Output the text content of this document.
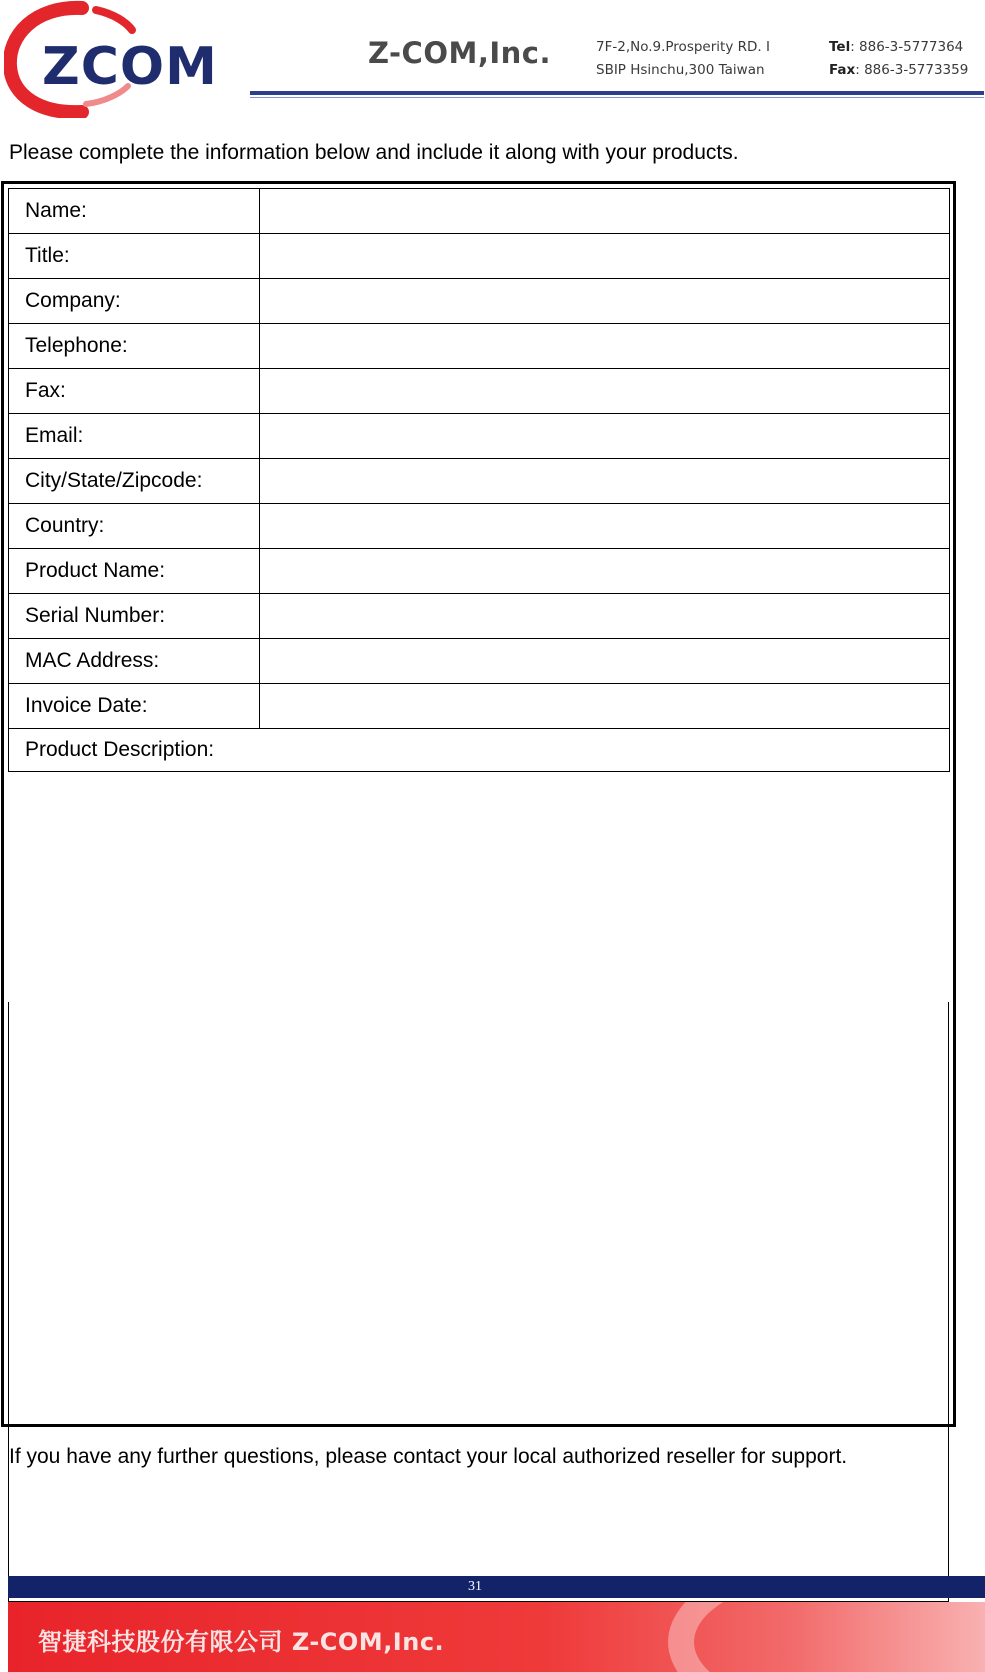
ZCOM	Z-COM,Inc.	7F-2,No.9.Prosperity RD. I
SBIP Hsinchu,300 Taiwan
Tel: 886-3-5777364
Fax: 886-3-5773359
Please complete the information below and include it along with your products.
Name:	
Title:	
Company:	
Telephone:	
Fax:	
Email:	
City/State/Zipcode:	
Country:	
Product Name:	
Serial Number:	
MAC Address:	
Invoice Date:	
Product Description:	
If you have any further questions, please contact your local authorized reseller for support.
31
智捷科技股份有限公司 Z-COM,Inc.
